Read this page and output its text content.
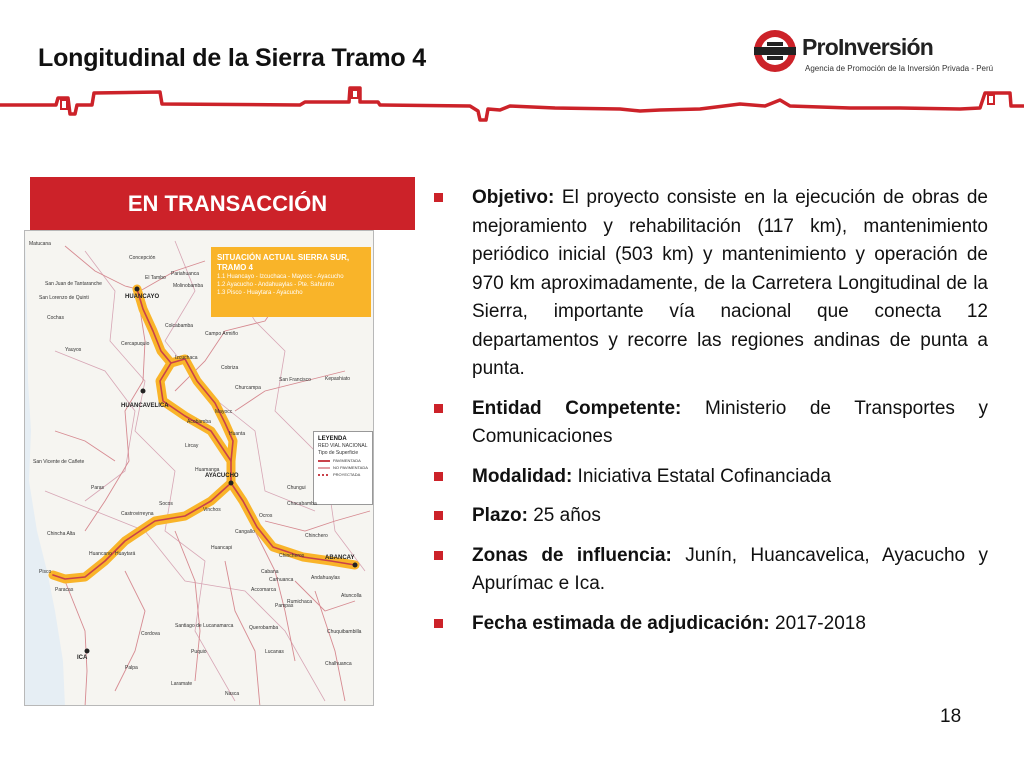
Longitudinal de la Sierra Tramo 4	ProInversión
Agencia de Promoción de la Inversión Privada - Perú
EN TRANSACCIÓN
SITUACIÓN ACTUAL SIERRA SUR, TRAMO 4
1.1 Huancayo - Izcuchaca - Mayocc - Ayacucho
1.2 Ayacucho - Andahuaylas - Pte. Sahuinto
1.3 Pisco - Huaytara - Ayacucho
LEYENDA
RED VIAL NACIONAL
Tipo de Superficie
PAVIMENTADA
NO PAVIMENTADA
PROYECTADA
HUANCAYO
HUANCAVELICA
AYACUCHO
ABANCAY
ICA
Matucana
San Juan de Tantaranche
San Lorenzo de Quinti
Cochas
Yauyos
Concepción
El Tambo
Pariahuanca
Molinobamba
Colcabamba
Campo Armiño
Cercapuquio
Izcuchaca
Castrovirreyna
San Francisco
Acobamba
Lircay
Huanta
Churcampa
Mayocc
Cobriza
Kepashiato
Chungui
Ocros
Chinchero
Andahuaylas
Chincheros
San Vicente de Cañete
Pisco
Paracas
Huaytará
Huancano
Chincha Alta
Paras
Cangallo
Accomarca
Huancapi
Querobamba
Puquio
Santiago de Lucanamarca
Cordova
Carhuanca
Laramate
Palpa
Nasca
Chuquibambilla
Atuncolla
Chalhuanca
Pampas
Lucanas
Rumichaca
Vinchos
Chacabamba
Huamanga
Socos
Cabana
Objetivo: El proyecto consiste en la ejecución de obras de mejoramiento y rehabilitación (117 km), mantenimiento periódico inicial (503 km) y mantenimiento y operación de 970 km aproximadamente, de la Carretera Longitudinal de la Sierra, importante vía nacional que conecta 12 departamentos y recorre las regiones andinas de punta a punta.
Entidad Competente: Ministerio de Transportes y Comunicaciones
Modalidad: Iniciativa Estatal Cofinanciada
Plazo: 25 años
Zonas de influencia: Junín, Huancavelica, Ayacucho y Apurímac e Ica.
Fecha estimada de adjudicación: 2017-2018
18
